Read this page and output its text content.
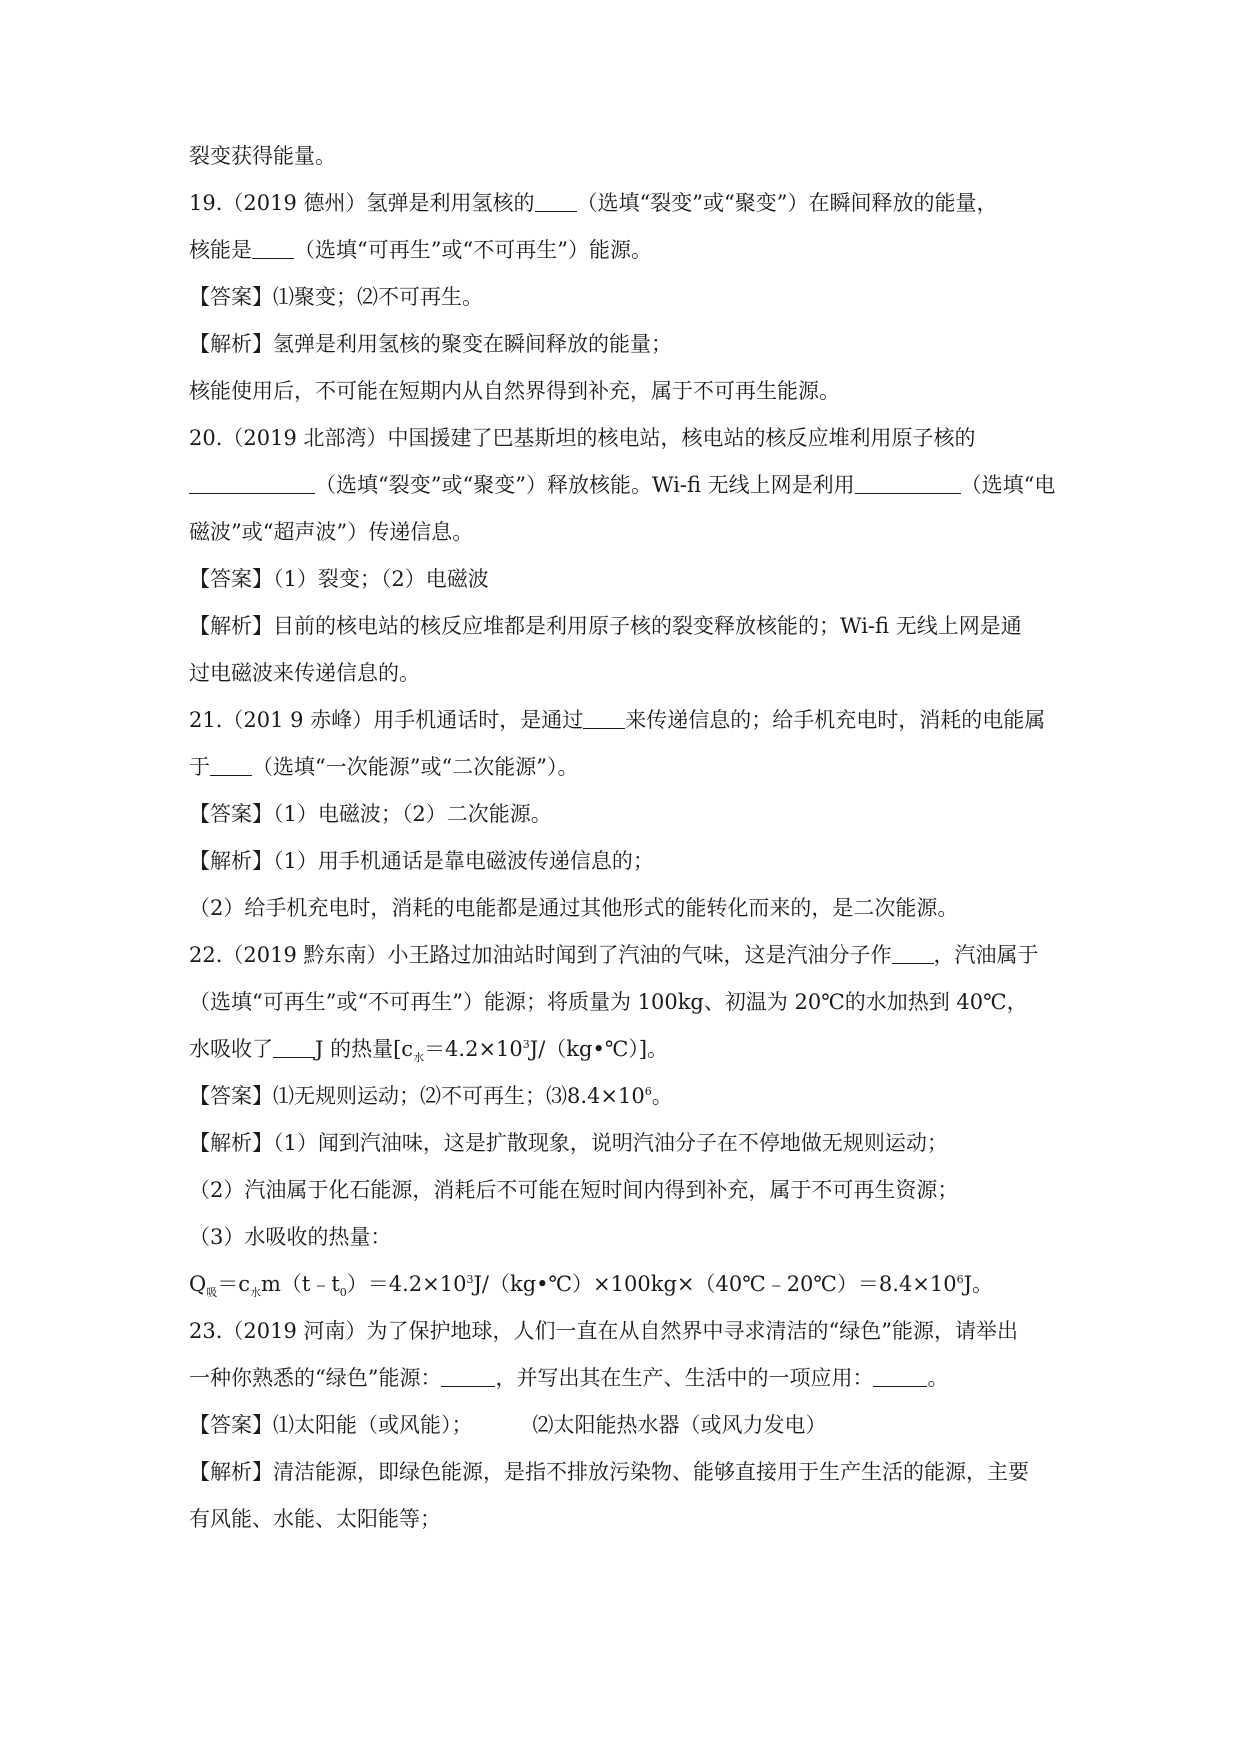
裂变获得能量。
19.（2019 德州）氢弹是利用氢核的 （选填“裂变”或“聚变”）在瞬间释放的能量，
核能是 （选填“可再生”或“不可再生”）能源。
【答案】⑴聚变；⑵不可再生。
【解析】氢弹是利用氢核的聚变在瞬间释放的能量；
核能使用后，不可能在短期内从自然界得到补充，属于不可再生能源。
20.（2019 北部湾）中国援建了巴基斯坦的核电站，核电站的核反应堆利用原子核的
（选填“裂变”或“聚变”）释放核能。Wi-fi 无线上网是利用	（选填“电
磁波”或“超声波”）传递信息。
【答案】（1）裂变；（2）电磁波
【解析】目前的核电站的核反应堆都是利用原子核的裂变释放核能的；Wi-fi 无线上网是通
过电磁波来传递信息的。
21.（201 9 赤峰）用手机通话时，是通过 来传递信息的；给手机充电时，消耗的电能属
于 （选填“一次能源”或“二次能源”）。
【答案】（1）电磁波；（2）二次能源。
【解析】（1）用手机通话是靠电磁波传递信息的；
（2）给手机充电时，消耗的电能都是通过其他形式的能转化而来的，是二次能源。
22.（2019 黔东南）小王路过加油站时闻到了汽油的气味，这是汽油分子作 ，汽油属于
（选填“可再生”或“不可再生”）能源；将质量为 100kg、初温为 20℃的水加热到 40℃，
水吸收了 J 的热量$[c_水=4.2\times 10^3J/(kg•℃)]$。
【答案】⑴无规则运动；⑵不可再生；$⑶8.4\times 10^6$。
【解析】（1）闻到汽油味，这是扩散现象，说明汽油分子在不停地做无规则运动；
（2）汽油属于化石能源，消耗后不可能在短时间内得到补充，属于不可再生资源；
（3）水吸收的热量：
$Q_吸=c_水m(t﹣t_0)=4.2\times 10^3J/(kg•℃)\times 100kg\times(40℃﹣20℃)=8.4\times 10^6J$。
23.（2019 河南）为了保护地球，人们一直在从自然界中寻求清洁的“绿色”能源，请举出
一种你熟悉的“绿色”能源：	，并写出其在生产、生活中的一项应用：	。
【答案】⑴太阳能（或风能）；	⑵太阳能热水器（或风力发电）
【解析】清洁能源，即绿色能源，是指不排放污染物、能够直接用于生产生活的能源，主要
有风能、水能、太阳能等；
